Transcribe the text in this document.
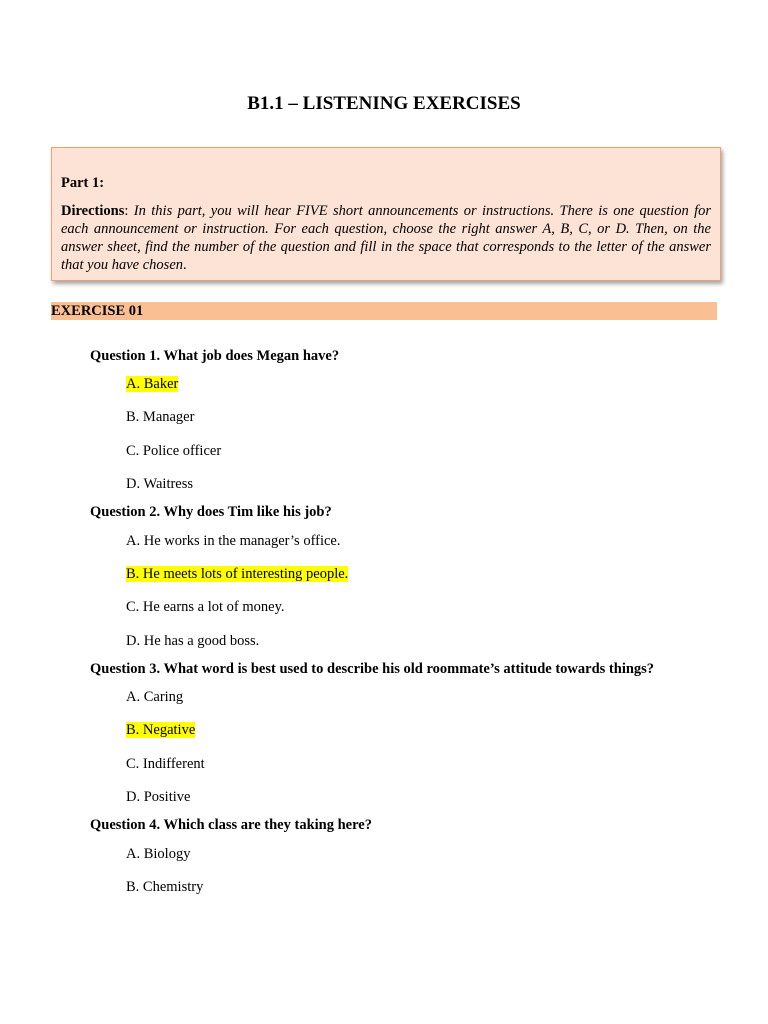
B1.1 – LISTENING EXERCISES
Part 1:
Directions: In this part, you will hear FIVE short announcements or instructions. There is one question for each announcement or instruction. For each question, choose the right answer A, B, C, or D. Then, on the answer sheet, find the number of the question and fill in the space that corresponds to the letter of the answer that you have chosen.
EXERCISE 01
Question 1. What job does Megan have?
A. Baker
B. Manager
C. Police officer
D. Waitress
Question 2. Why does Tim like his job?
A. He works in the manager’s office.
B. He meets lots of interesting people.
C. He earns a lot of money.
D. He has a good boss.
Question 3. What word is best used to describe his old roommate’s attitude towards things?
A. Caring
B. Negative
C. Indifferent
D. Positive
Question 4. Which class are they taking here?
A. Biology
B. Chemistry
